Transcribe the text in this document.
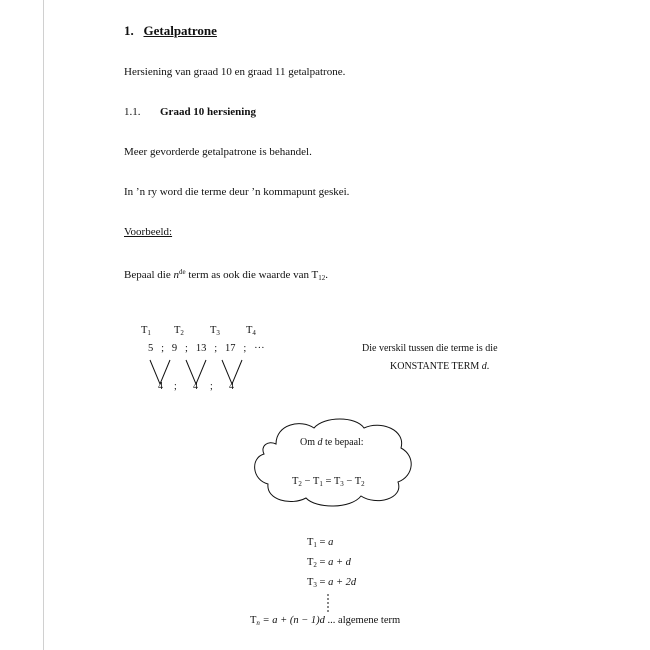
1. Getalpatrone
Hersiening van graad 10 en graad 11 getalpatrone.
1.1. Graad 10 hersiening
Meer gevorderde getalpatrone is behandel.
In ’n ry word die terme deur ’n kommapunt geskei.
Voorbeeld:
Bepaal die $n^{de}$ term as ook die waarde van $T_{12}$.
$T_1$ $T_2$ $T_3$ $T_4$
5   ;   9   ;   13   ;   17   ;   ···
4 ; 4 ; 4
Die verskil tussen die terme is die
KONSTANTE TERM d.
Om d te bepaal:
$T_2 - T_1 = T_3 - T_2$
$T_1 = a$
$T_2 = a + d$
$T_3 = a + 2d$
$T_n = a + (n - 1)d$ ... algemene term
